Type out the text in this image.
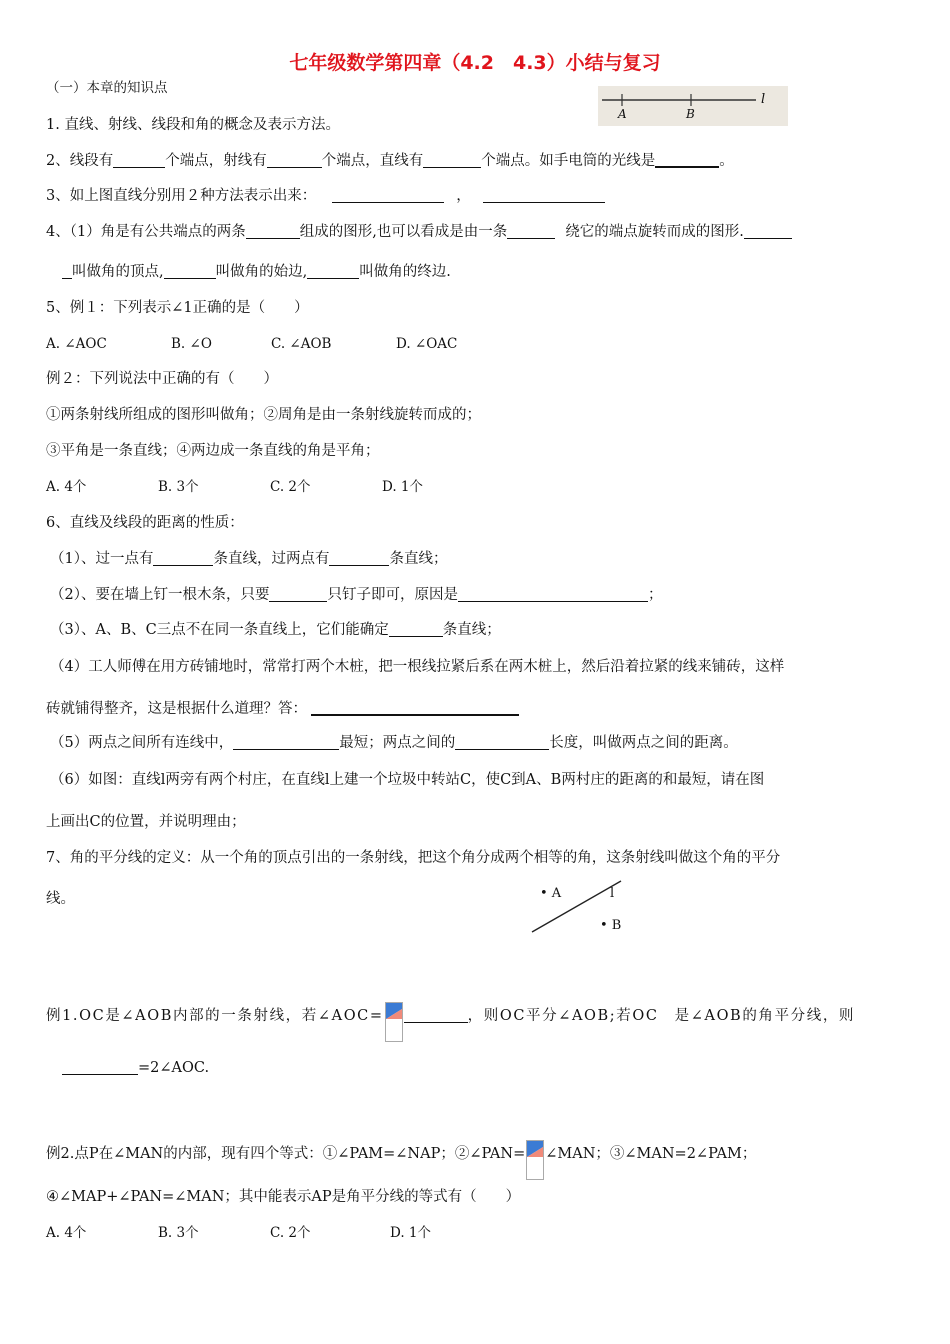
七年级数学第四章（4.2　4.3）小结与复习
A	B
l
（一）本章的知识点
1. 直线、射线、线段和角的概念及表示方法。
2、线段有	个端点，射线有	个端点，直线有	个端点。如手电筒的光线是	。
3、如上图直线分别用２种方法表示出来：	，
4、（1）角是有公共端点的两条	组成的图形,也可以看成是由一条	绕它的端点旋转而成的图形.
叫做角的顶点,	叫做角的始边,	叫做角的终边.
5、例１：下列表示∠1正确的是（　　）
A. ∠AOC	B. ∠O	C. ∠AOB	D. ∠OAC
例２：下列说法中正确的有（　　）
①两条射线所组成的图形叫做角；②周角是由一条射线旋转而成的；
③平角是一条直线；④两边成一条直线的角是平角；
A. 4个	B. 3个	C. 2个	D. 1个
6、直线及线段的距离的性质：
（1）、过一点有	条直线，过两点有	条直线；
（2）、要在墙上钉一根木条，只要	只钉子即可，原因是	；
（3）、A、B、C三点不在同一条直线上，它们能确定	条直线；
（4）工人师傅在用方砖铺地时，常常打两个木桩，把一根线拉紧后系在两木桩上，然后沿着拉紧的线来铺砖，这样
砖就铺得整齐，这是根据什么道理？答：
（5）两点之间所有连线中，	最短；两点之间的	长度，叫做两点之间的距离。
（6）如图：直线l两旁有两个村庄，在直线l上建一个垃圾中转站C，使C到A、B两村庄的距离的和最短，请在图
上画出C的位置，并说明理由；
7、角的平分线的定义：从一个角的顶点引出的一条射线，把这个角分成两个相等的角，这条射线叫做这个角的平分
线。	• A	l
• B
例1.OC是∠AOB内部的一条射线，若∠AOC=	，则OC平分∠AOB;若OC　是∠AOB的角平分线，则
=2∠AOC.
例2.点P在∠MAN的内部，现有四个等式：①∠PAM=∠NAP；②∠PAN= ∠MAN；③∠MAN=2∠PAM；
④∠MAP+∠PAN=∠MAN；其中能表示AP是角平分线的等式有（　　）
A. 4个	B. 3个	C. 2个	D. 1个
